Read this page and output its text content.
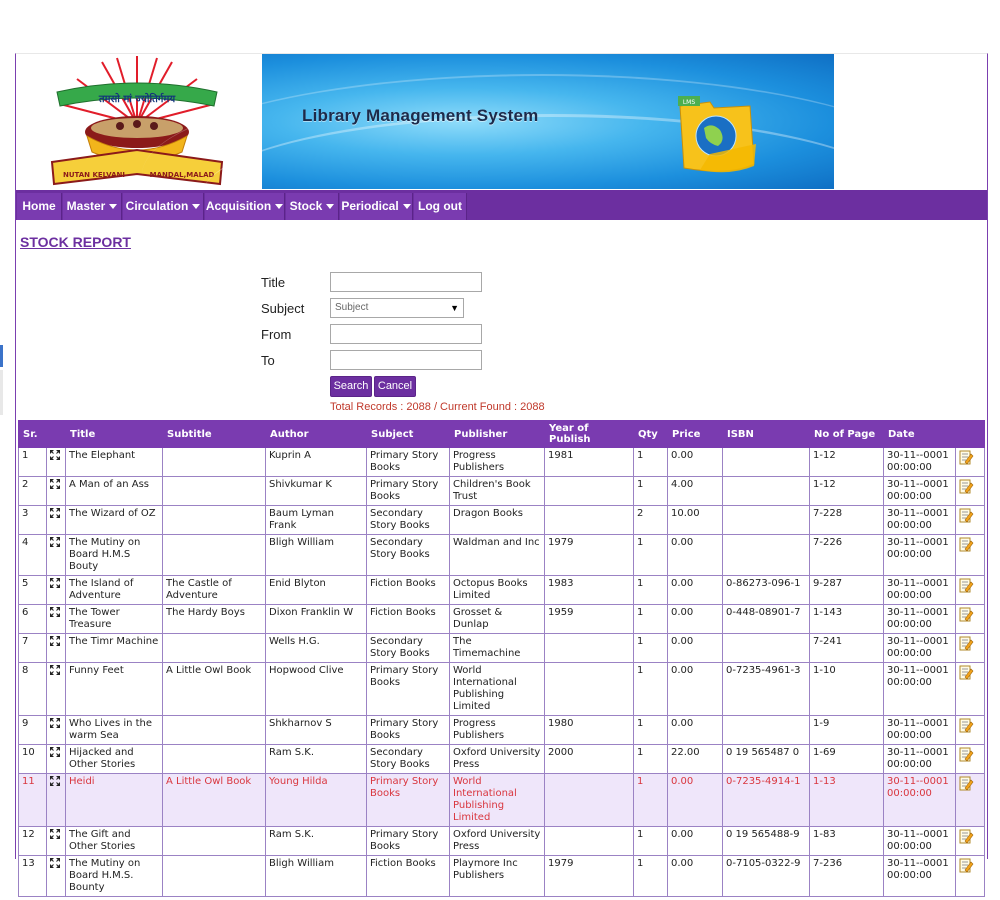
तमसो मां ज्योतिर्गमय
NUTAN KELVANI	MANDAL,MALAD
Library Management System
LMS
Home Master	Circulation	Acquisition	Stock	Periodical	Log out
STOCK REPORT
Title
Subject	Subject	▼
From
To
Search Cancel
Total Records : 2088 / Current Found : 2088
Sr.		Title	Subtitle	Author	Subject	Publisher	Year of Publish	Qty	Price	ISBN	No of Page	Date	
1		The Elephant		Kuprin A	Primary Story Books	Progress Publishers	1981	1	0.00		1-12	30-11--0001 00:00:00	
2		A Man of an Ass		Shivkumar K	Primary Story Books	Children's Book Trust		1	4.00		1-12	30-11--0001 00:00:00	
3		The Wizard of OZ		Baum Lyman Frank	Secondary Story Books	Dragon Books		2	10.00		7-228	30-11--0001 00:00:00	
4		The Mutiny on Board H.M.S Bouty		Bligh William	Secondary Story Books	Waldman and Inc	1979	1	0.00		7-226	30-11--0001 00:00:00	
5		The Island of Adventure	The Castle of Adventure	Enid Blyton	Fiction Books	Octopus Books Limited	1983	1	0.00	0-86273-096-1	9-287	30-11--0001 00:00:00	
6		The Tower Treasure	The Hardy Boys	Dixon Franklin W	Fiction Books	Grosset & Dunlap	1959	1	0.00	0-448-08901-7	1-143	30-11--0001 00:00:00	
7		The Timr Machine		Wells H.G.	Secondary Story Books	The Timemachine		1	0.00		7-241	30-11--0001 00:00:00	
8		Funny Feet	A Little Owl Book	Hopwood Clive	Primary Story Books	World International Publishing Limited		1	0.00	0-7235-4961-3	1-10	30-11--0001 00:00:00	
9		Who Lives in the warm Sea		Shkharnov S	Primary Story Books	Progress Publishers	1980	1	0.00		1-9	30-11--0001 00:00:00	
10		Hijacked and Other Stories		Ram S.K.	Secondary Story Books	Oxford University Press	2000	1	22.00	0 19 565487 0	1-69	30-11--0001 00:00:00	
11		Heidi	A Little Owl Book	Young Hilda	Primary Story Books	World International Publishing Limited		1	0.00	0-7235-4914-1	1-13	30-11--0001 00:00:00	
12		The Gift and Other Stories		Ram S.K.	Primary Story Books	Oxford University Press		1	0.00	0 19 565488-9	1-83	30-11--0001 00:00:00	
13		The Mutiny on Board H.M.S. Bounty		Bligh William	Fiction Books	Playmore Inc Publishers	1979	1	0.00	0-7105-0322-9	7-236	30-11--0001 00:00:00	
